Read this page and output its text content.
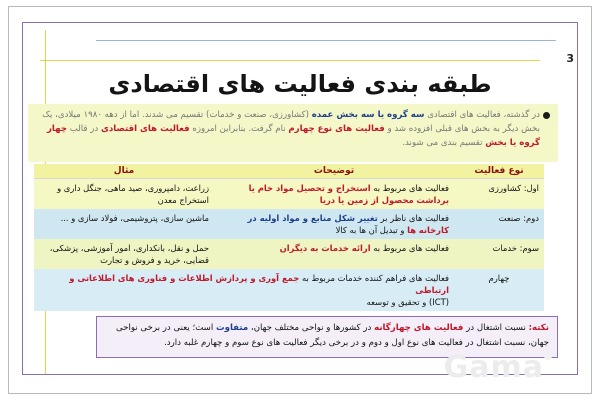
3
طبقه بندی فعالیت های اقتصادی
در گذشته، فعالیت های اقتصادی سه گروه یا سه بخش عمده (کشاورزی، صنعت و خدمات) تقسیم می شدند. اما از دهه ۱۹۸۰ میلادی، یک بخش دیگر به بخش های قبلی افزوده شد و فعالیت های نوع چهارم نام گرفت. بنابراین امروزه فعالیت های اقتصادی در قالب چهار گروه یا بخش تقسیم بندی می شوند.
نوع فعالیت	توضیحات	مثال
اول: کشاورزی	فعالیت های مربوط به استخراج و تحصیل مواد خام یا برداشت محصول از زمین یا دریا	زراعت، دامپروری، صید ماهی، جنگل داری و استخراج معدن
دوم: صنعت	فعالیت های ناظر بر تغییر شکل منابع و مواد اولیه در کارخانه ها و تبدیل آن ها به کالا	ماشین سازی، پتروشیمی، فولاد سازی و ...
سوم: خدمات	فعالیت های مربوط به ارائه خدمات به دیگران	حمل و نقل، بانکداری، امور آموزشی، پزشکی، قضایی، خرید و فروش و تجارت
چهارم	فعالیت های فراهم کننده خدمات مربوط به جمع آوری و پردازش اطلاعات و فناوری های اطلاعاتی و ارتباطی
(ICT) و تحقیق و توسعه	
نکته: نسبت اشتغال در فعالیت های چهارگانه در کشورها و نواحی مختلف جهان، متفاوت است؛ یعنی در برخی نواحی جهان، نسبت اشتغال در فعالیت های نوع اول و دوم و در برخی دیگر فعالیت های نوع سوم و چهارم غلبه دارد.
Gama
